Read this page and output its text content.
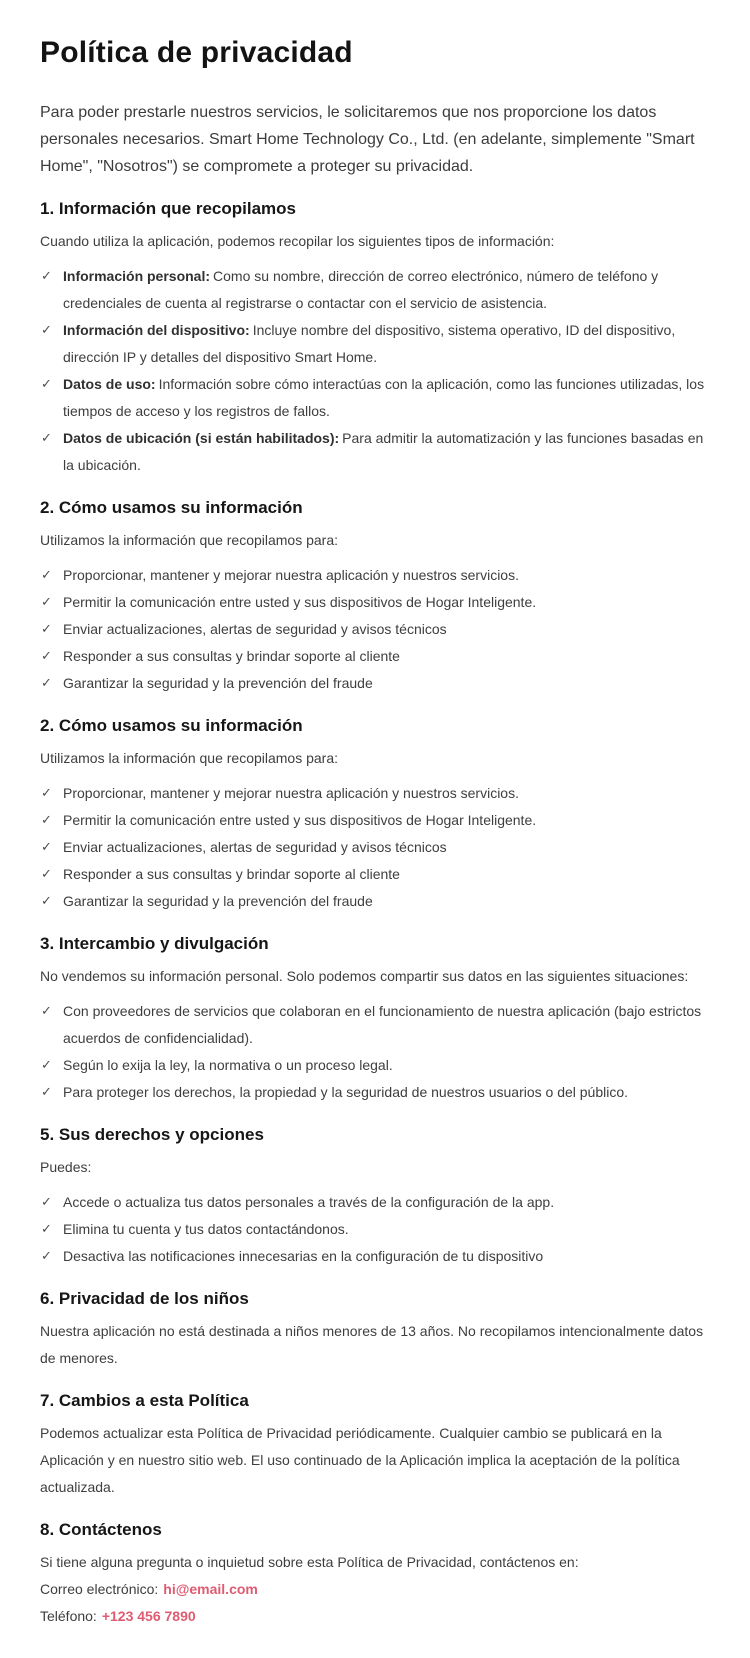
Política de privacidad

Para poder prestarle nuestros servicios, le solicitaremos que nos proporcione los datos personales necesarios. Smart Home Technology Co., Ltd. (en adelante, simplemente "Smart Home", "Nosotros") se compromete a proteger su privacidad.

1. Información que recopilamos

Cuando utiliza la aplicación, podemos recopilar los siguientes tipos de información:

✓ Información personal: Como su nombre, dirección de correo electrónico, número de teléfono y credenciales de cuenta al registrarse o contactar con el servicio de asistencia.

✓ Información del dispositivo: Incluye nombre del dispositivo, sistema operativo, ID del dispositivo, dirección IP y detalles del dispositivo Smart Home.

✓ Datos de uso: Información sobre cómo interactúas con la aplicación, como las funciones utilizadas, los tiempos de acceso y los registros de fallos.

✓ Datos de ubicación (si están habilitados): Para admitir la automatización y las funciones basadas en la ubicación.

2. Cómo usamos su información

Utilizamos la información que recopilamos para:

✓ Proporcionar, mantener y mejorar nuestra aplicación y nuestros servicios.

✓ Permitir la comunicación entre usted y sus dispositivos de Hogar Inteligente.

✓ Enviar actualizaciones, alertas de seguridad y avisos técnicos

✓ Responder a sus consultas y brindar soporte al cliente

✓ Garantizar la seguridad y la prevención del fraude

2. Cómo usamos su información

Utilizamos la información que recopilamos para:

✓ Proporcionar, mantener y mejorar nuestra aplicación y nuestros servicios.

✓ Permitir la comunicación entre usted y sus dispositivos de Hogar Inteligente.

✓ Enviar actualizaciones, alertas de seguridad y avisos técnicos

✓ Responder a sus consultas y brindar soporte al cliente

✓ Garantizar la seguridad y la prevención del fraude

3. Intercambio y divulgación

No vendemos su información personal. Solo podemos compartir sus datos en las siguientes situaciones:

✓ Con proveedores de servicios que colaboran en el funcionamiento de nuestra aplicación (bajo estrictos acuerdos de confidencialidad).

✓ Según lo exija la ley, la normativa o un proceso legal.

✓ Para proteger los derechos, la propiedad y la seguridad de nuestros usuarios o del público.

5. Sus derechos y opciones

Puedes:

✓ Accede o actualiza tus datos personales a través de la configuración de la app.

✓ Elimina tu cuenta y tus datos contactándonos.

✓ Desactiva las notificaciones innecesarias en la configuración de tu dispositivo

6. Privacidad de los niños

Nuestra aplicación no está destinada a niños menores de 13 años. No recopilamos intencionalmente datos de menores.

7. Cambios a esta Política

Podemos actualizar esta Política de Privacidad periódicamente. Cualquier cambio se publicará en la Aplicación y en nuestro sitio web. El uso continuado de la Aplicación implica la aceptación de la política actualizada.

8. Contáctenos

Si tiene alguna pregunta o inquietud sobre esta Política de Privacidad, contáctenos en:

Correo electrónico: hi@email.com

Teléfono: +123 456 7890
